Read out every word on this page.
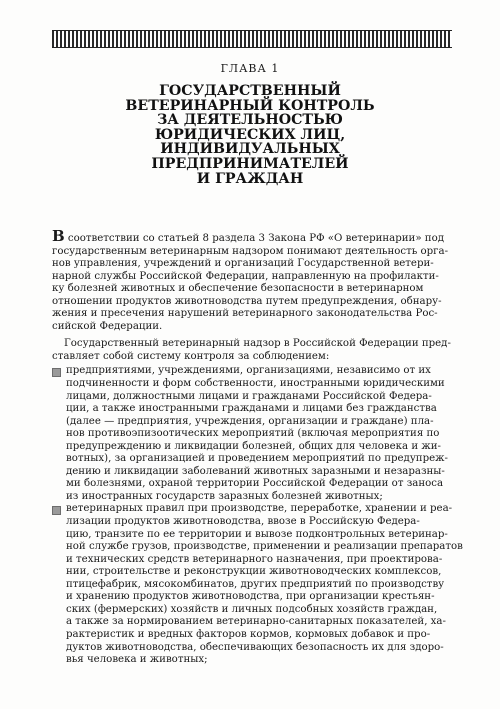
ГЛАВА 1
ГОСУДАРСТВЕННЫЙ
ВЕТЕРИНАРНЫЙ КОНТРОЛЬ
ЗА ДЕЯТЕЛЬНОСТЬЮ
ЮРИДИЧЕСКИХ ЛИЦ,
ИНДИВИДУАЛЬНЫХ
ПРЕДПРИНИМАТЕЛЕЙ
И ГРАЖДАН
В соответствии со статьей 8 раздела 3 Закона РФ «О ветеринарии» под
государственным ветеринарным надзором понимают деятельность орга-
нов управления, учреждений и организаций Государственной ветери-
нарной службы Российской Федерации, направленную на профилакти-
ку болезней животных и обеспечение безопасности в ветеринарном
отношении продуктов животноводства путем предупреждения, обнару-
жения и пресечения нарушений ветеринарного законодательства Рос-
сийской Федерации.
Государственный ветеринарный надзор в Российской Федерации пред-
ставляет собой систему контроля за соблюдением:
предприятиями, учреждениями, организациями, независимо от их
подчиненности и форм собственности, иностранными юридическими
лицами, должностными лицами и гражданами Российской Федера-
ции, а также иностранными гражданами и лицами без гражданства
(далее — предприятия, учреждения, организации и граждане) пла-
нов противоэпизоотических мероприятий (включая мероприятия по
предупреждению и ликвидации болезней, общих для человека и жи-
вотных), за организацией и проведением мероприятий по предупреж-
дению и ликвидации заболеваний животных заразными и незаразны-
ми болезнями, охраной территории Российской Федерации от заноса
из иностранных государств заразных болезней животных;
ветеринарных правил при производстве, переработке, хранении и реа-
лизации продуктов животноводства, ввозе в Российскую Федера-
цию, транзите по ее территории и вывозе подконтрольных ветеринар-
ной службе грузов, производстве, применении и реализации препаратов
и технических средств ветеринарного назначения, при проектирова-
нии, строительстве и реконструкции животноводческих комплексов,
птицефабрик, мясокомбинатов, других предприятий по производству
и хранению продуктов животноводства, при организации крестьян-
ских (фермерских) хозяйств и личных подсобных хозяйств граждан,
а также за нормированием ветеринарно-санитарных показателей, ха-
рактеристик и вредных факторов кормов, кормовых добавок и про-
дуктов животноводства, обеспечивающих безопасность их для здоро-
вья человека и животных;
